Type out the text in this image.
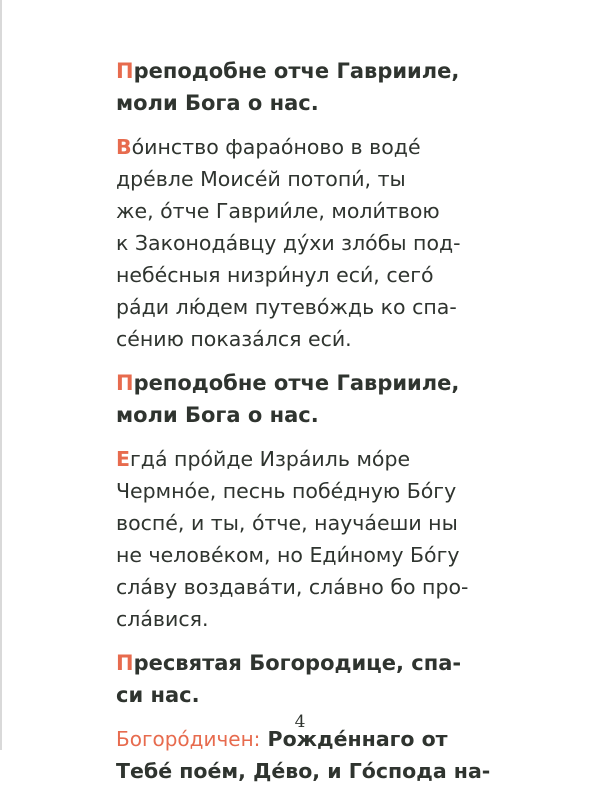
Преподобне отче Гаврииле,
моли Бога о нас.
Во́инство фарао́ново в воде́
дре́вле Моисе́й потопи́, ты
же, о́тче Гаврии́ле, моли́твою
к Законода́вцу ду́хи зло́бы под-
небе́сныя низри́нул еси́, сего́
ра́ди лю́дем путево́ждь ко спа-
се́нию показа́лся еси́.
Преподобне отче Гаврииле,
моли Бога о нас.
Егда́ про́йде Изра́иль мо́ре
Чермно́е, песнь побе́дную Бо́гу
воспе́, и ты, о́тче, науча́еши ны
не челове́ком, но Еди́ному Бо́гу
сла́ву воздава́ти, сла́вно бо про-
сла́вися.
Пресвятая Богородице, спа-
си нас.
Богоро́дичен: Рожде́ннаго от
Тебе́ пое́м, Де́во, и Го́спода на-
4
